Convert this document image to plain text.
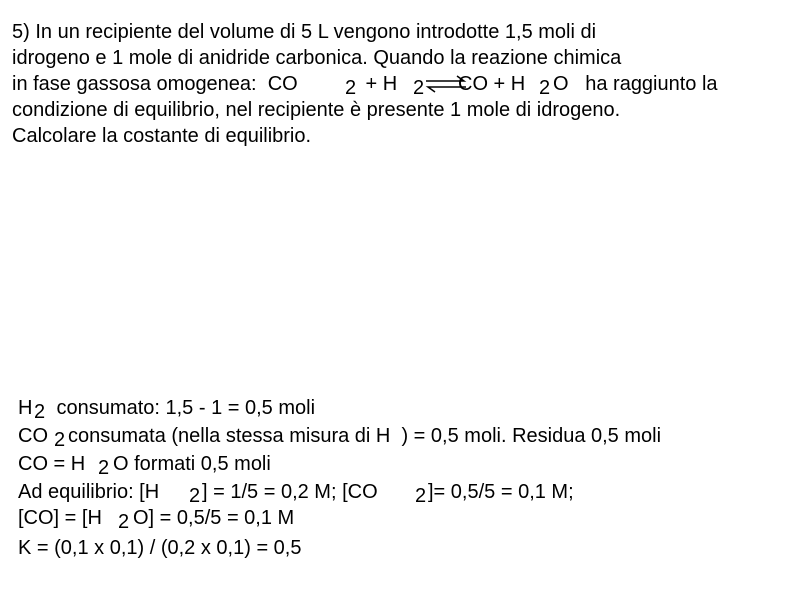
5) In un recipiente del volume di 5 L vengono introdotte 1,5 moli di
idrogeno e 1 mole di anidride carbonica. Quando la reazione chimica
in fase gassosa omogenea:  CO 2 + H 2 ⇌
CO + H 2 O   ha raggiunto la
condizione di equilibrio, nel recipiente è presente 1 mole di idrogeno.
Calcolare la costante di equilibrio.
H 2 consumato: 1,5 - 1 = 0,5 moli
CO 2 consumata (nella stessa misura di H  ) = 0,5 moli. Residua 0,5 moli
CO = H 2 O formati 0,5 moli
Ad equilibrio: [H 2 ] = 1/5 = 0,2 M; [CO 2 ]= 0,5/5 = 0,1 M;
[CO] = [H 2 O] = 0,5/5 = 0,1 M
K = (0,1 x 0,1) / (0,2 x 0,1) = 0,5
